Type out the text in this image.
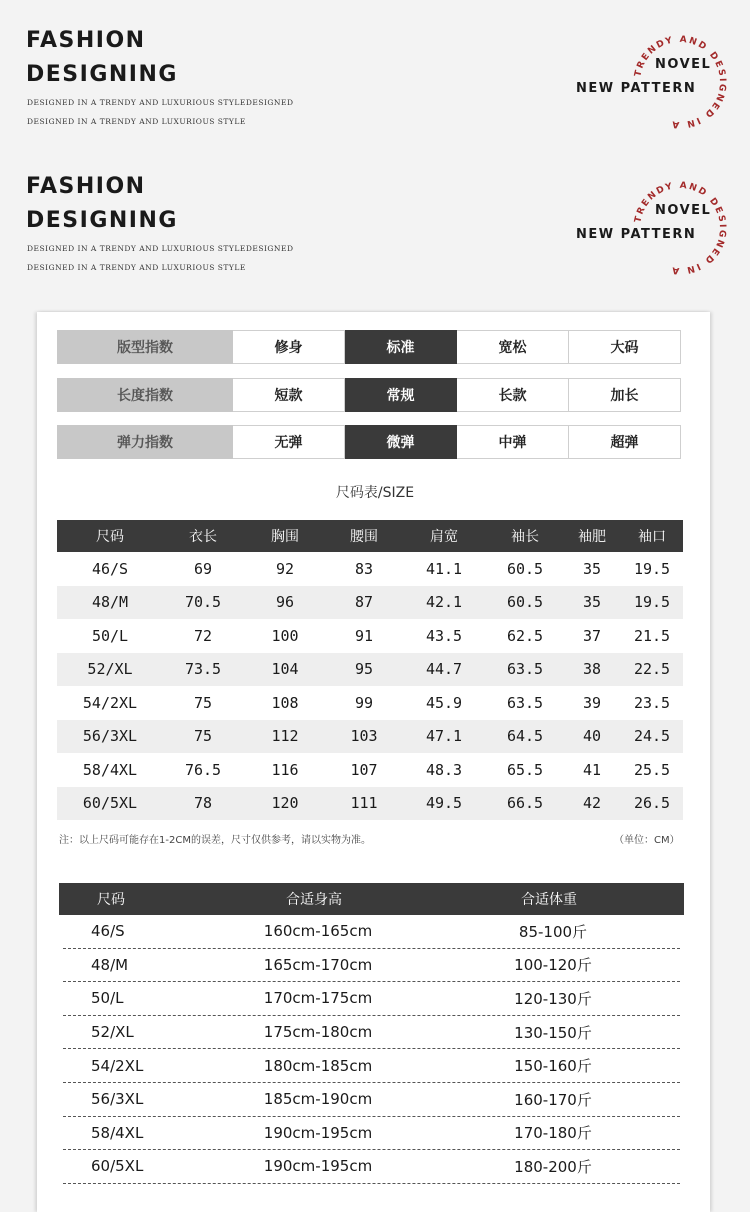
FASHION
DESIGNING
DESIGNED IN A TRENDY AND LUXURIOUS STYLEDESIGNED
DESIGNED IN A TRENDY AND LUXURIOUS STYLE
TRENDY AND DESIGNED IN A
NOVEL
NEW PATTERN
FASHION
DESIGNING
DESIGNED IN A TRENDY AND LUXURIOUS STYLEDESIGNED
DESIGNED IN A TRENDY AND LUXURIOUS STYLE
TRENDY AND DESIGNED IN A
NOVEL
NEW PATTERN
版型指数	修身	标准	宽松	大码
长度指数	短款	常规	长款	加长
弹力指数	无弹	微弹	中弹	超弹
尺码表/SIZE
尺码	衣长	胸围	腰围	肩宽	袖长	袖肥	袖口
46/S	69	92	83	41.1	60.5	35	19.5
48/M	70.5	96	87	42.1	60.5	35	19.5
50/L	72	100	91	43.5	62.5	37	21.5
52/XL	73.5	104	95	44.7	63.5	38	22.5
54/2XL	75	108	99	45.9	63.5	39	23.5
56/3XL	75	112	103	47.1	64.5	40	24.5
58/4XL	76.5	116	107	48.3	65.5	41	25.5
60/5XL	78	120	111	49.5	66.5	42	26.5
注：以上尺码可能存在1-2CM的误差，尺寸仅供参考，请以实物为准。	（单位：CM）
尺码	合适身高	合适体重
46/S	160cm-165cm	85-100斤
48/M	165cm-170cm	100-120斤
50/L	170cm-175cm	120-130斤
52/XL	175cm-180cm	130-150斤
54/2XL	180cm-185cm	150-160斤
56/3XL	185cm-190cm	160-170斤
58/4XL	190cm-195cm	170-180斤
60/5XL	190cm-195cm	180-200斤
